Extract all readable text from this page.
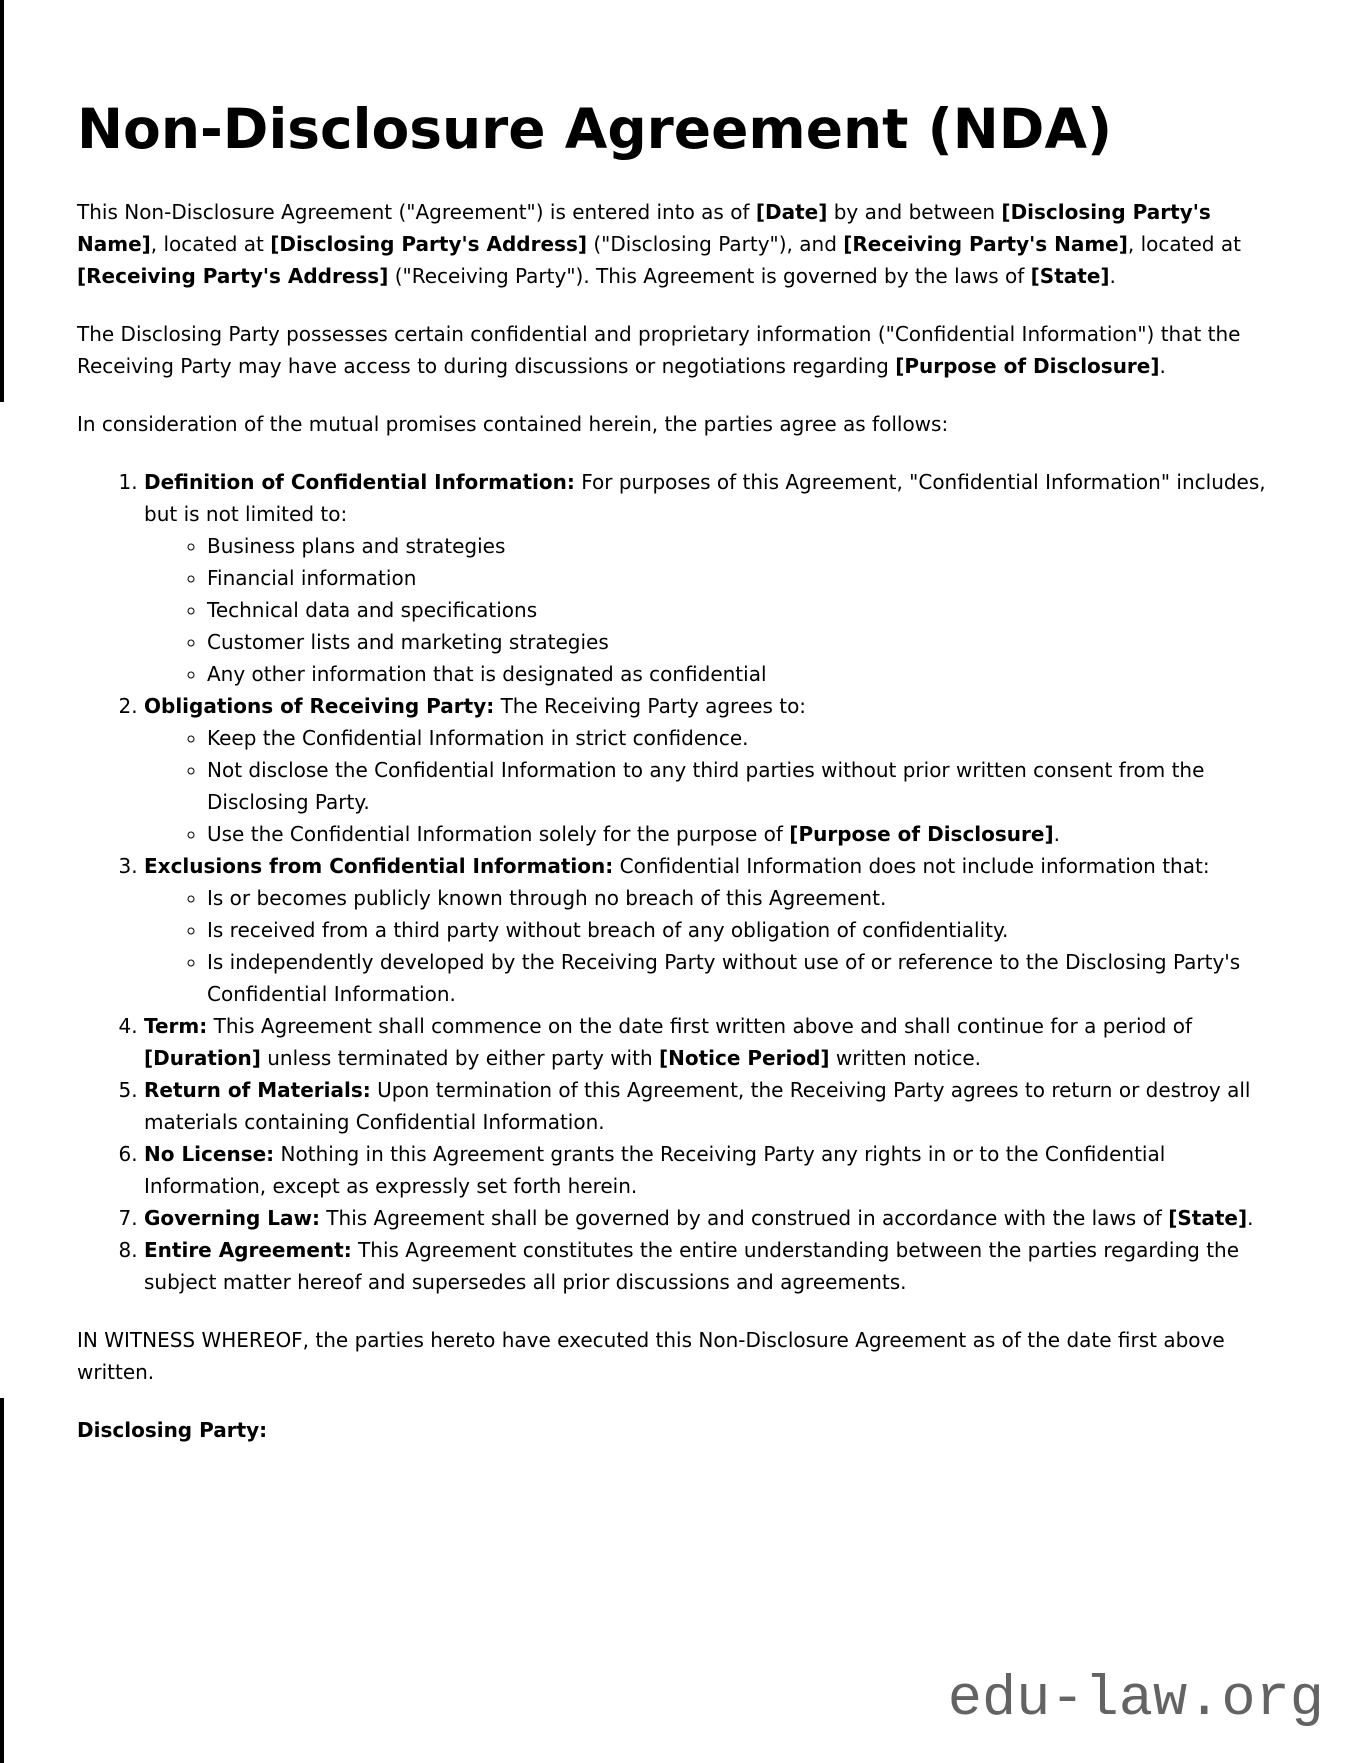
Non-Disclosure Agreement (NDA)

This Non-Disclosure Agreement ("Agreement") is entered into as of [Date] by and between [Disclosing Party's Name], located at [Disclosing Party's Address] ("Disclosing Party"), and [Receiving Party's Name], located at [Receiving Party's Address] ("Receiving Party"). This Agreement is governed by the laws of [State].

The Disclosing Party possesses certain confidential and proprietary information ("Confidential Information") that the Receiving Party may have access to during discussions or negotiations regarding [Purpose of Disclosure].

In consideration of the mutual promises contained herein, the parties agree as follows:

1. Definition of Confidential Information: For purposes of this Agreement, "Confidential Information" includes, but is not limited to:
◦ Business plans and strategies
◦ Financial information
◦ Technical data and specifications
◦ Customer lists and marketing strategies
◦ Any other information that is designated as confidential
2. Obligations of Receiving Party: The Receiving Party agrees to:
◦ Keep the Confidential Information in strict confidence.
◦ Not disclose the Confidential Information to any third parties without prior written consent from the Disclosing Party.
◦ Use the Confidential Information solely for the purpose of [Purpose of Disclosure].
3. Exclusions from Confidential Information: Confidential Information does not include information that:
◦ Is or becomes publicly known through no breach of this Agreement.
◦ Is received from a third party without breach of any obligation of confidentiality.
◦ Is independently developed by the Receiving Party without use of or reference to the Disclosing Party's Confidential Information.
4. Term: This Agreement shall commence on the date first written above and shall continue for a period of [Duration] unless terminated by either party with [Notice Period] written notice.
5. Return of Materials: Upon termination of this Agreement, the Receiving Party agrees to return or destroy all materials containing Confidential Information.
6. No License: Nothing in this Agreement grants the Receiving Party any rights in or to the Confidential Information, except as expressly set forth herein.
7. Governing Law: This Agreement shall be governed by and construed in accordance with the laws of [State].
8. Entire Agreement: This Agreement constitutes the entire understanding between the parties regarding the subject matter hereof and supersedes all prior discussions and agreements.

IN WITNESS WHEREOF, the parties hereto have executed this Non-Disclosure Agreement as of the date first above written.

Disclosing Party:

edu-law.org
